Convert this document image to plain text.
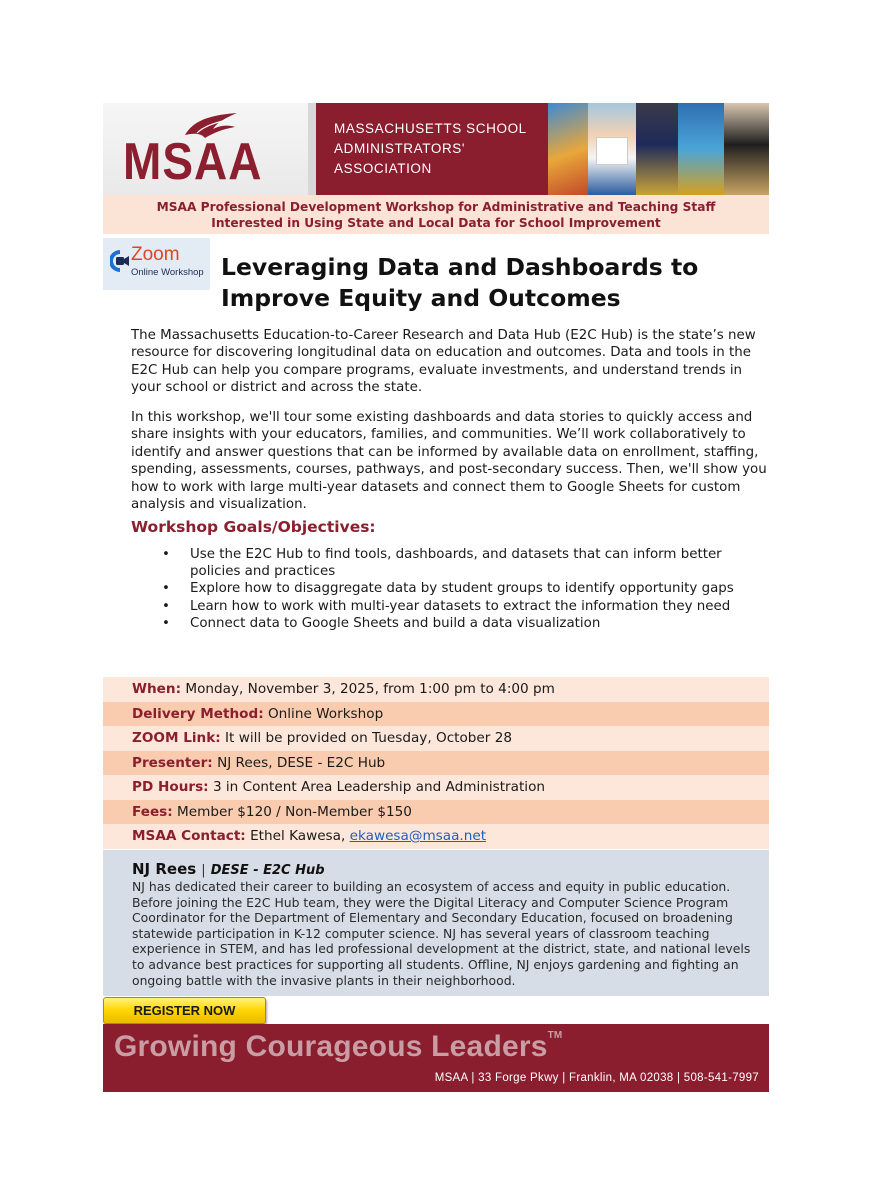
MSAA
MASSACHUSETTS SCHOOL
ADMINISTRATORS' ASSOCIATION
MSAA Professional Development Workshop for Administrative and Teaching Staff
Interested in Using State and Local Data for School Improvement
Zoom
Online Workshop Leveraging Data and Dashboards to
Improve Equity and Outcomes

The Massachusetts Education-to-Career Research and Data Hub (E2C Hub) is the state’s new resource for discovering longitudinal data on education and outcomes. Data and tools in the E2C Hub can help you compare programs, evaluate investments, and understand trends in your school or district and across the state.

In this workshop, we'll tour some existing dashboards and data stories to quickly access and share insights with your educators, families, and communities. We’ll work collaboratively to identify and answer questions that can be informed by available data on enrollment, staffing, spending, assessments, courses, pathways, and post-secondary success. Then, we'll show you how to work with large multi-year datasets and connect them to Google Sheets for custom analysis and visualization.

Workshop Goals/Objectives:
• Use the E2C Hub to find tools, dashboards, and datasets that can inform better policies and practices
• Explore how to disaggregate data by student groups to identify opportunity gaps
• Learn how to work with multi-year datasets to extract the information they need
• Connect data to Google Sheets and build a data visualization
When: Monday, November 3, 2025, from 1:00 pm to 4:00 pm
Delivery Method: Online Workshop
ZOOM Link: It will be provided on Tuesday, October 28
Presenter: NJ Rees, DESE - E2C Hub
PD Hours: 3 in Content Area Leadership and Administration
Fees: Member $120 / Non-Member $150
MSAA Contact: Ethel Kawesa, ekawesa@msaa.net
NJ Rees | DESE - E2C Hub
NJ has dedicated their career to building an ecosystem of access and equity in public education. Before joining the E2C Hub team, they were the Digital Literacy and Computer Science Program Coordinator for the Department of Elementary and Secondary Education, focused on broadening statewide participation in K-12 computer science. NJ has several years of classroom teaching experience in STEM, and has led professional development at the district, state, and national levels to advance best practices for supporting all students. Offline, NJ enjoys gardening and fighting an ongoing battle with the invasive plants in their neighborhood.
REGISTER NOW
Growing Courageous Leaders™
MSAA | 33 Forge Pkwy | Franklin, MA 02038 | 508-541-7997
